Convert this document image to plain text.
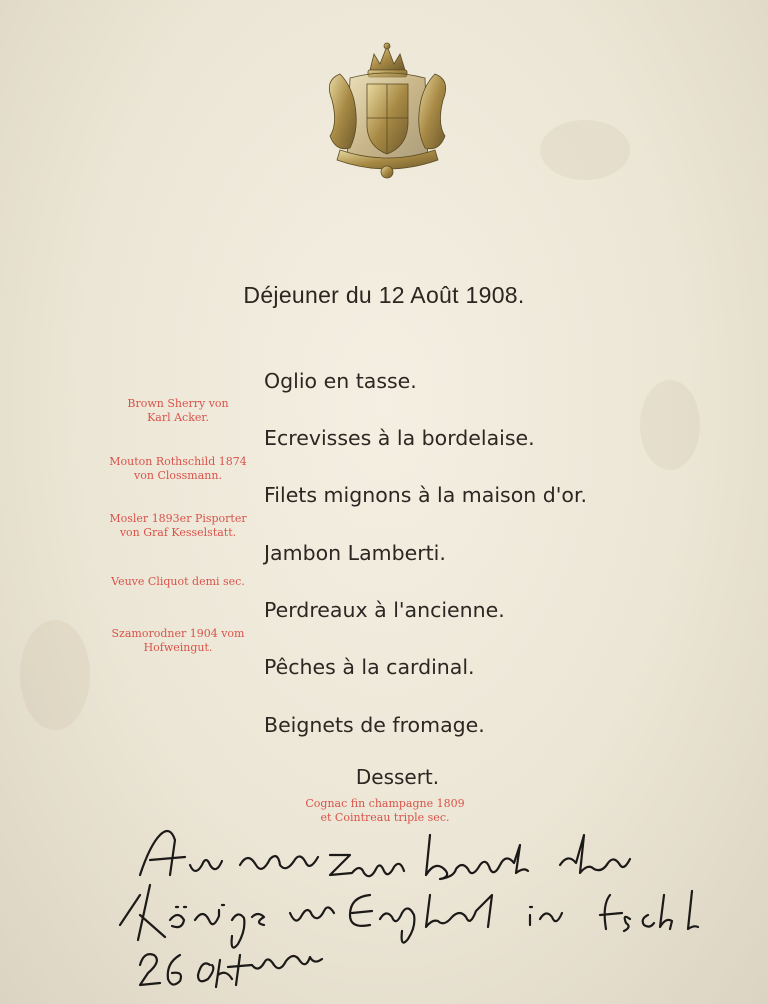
Déjeuner du 12 Août 1908.
Oglio en tasse.
Ecrevisses à la bordelaise.
Filets mignons à la maison d'or.
Jambon Lamberti.
Perdreaux à l'ancienne.
Pêches à la cardinal.
Beignets de fromage.
Brown Sherry von
Karl Acker.
Mouton Rothschild 1874
von Clossmann.
Mosler 1893er Pisporter
von Graf Kesselstatt.
Veuve Cliquot demi sec.
Szamorodner 1904 vom
Hofweingut.
Dessert.
Cognac fin champagne 1809
et Cointreau triple sec.
